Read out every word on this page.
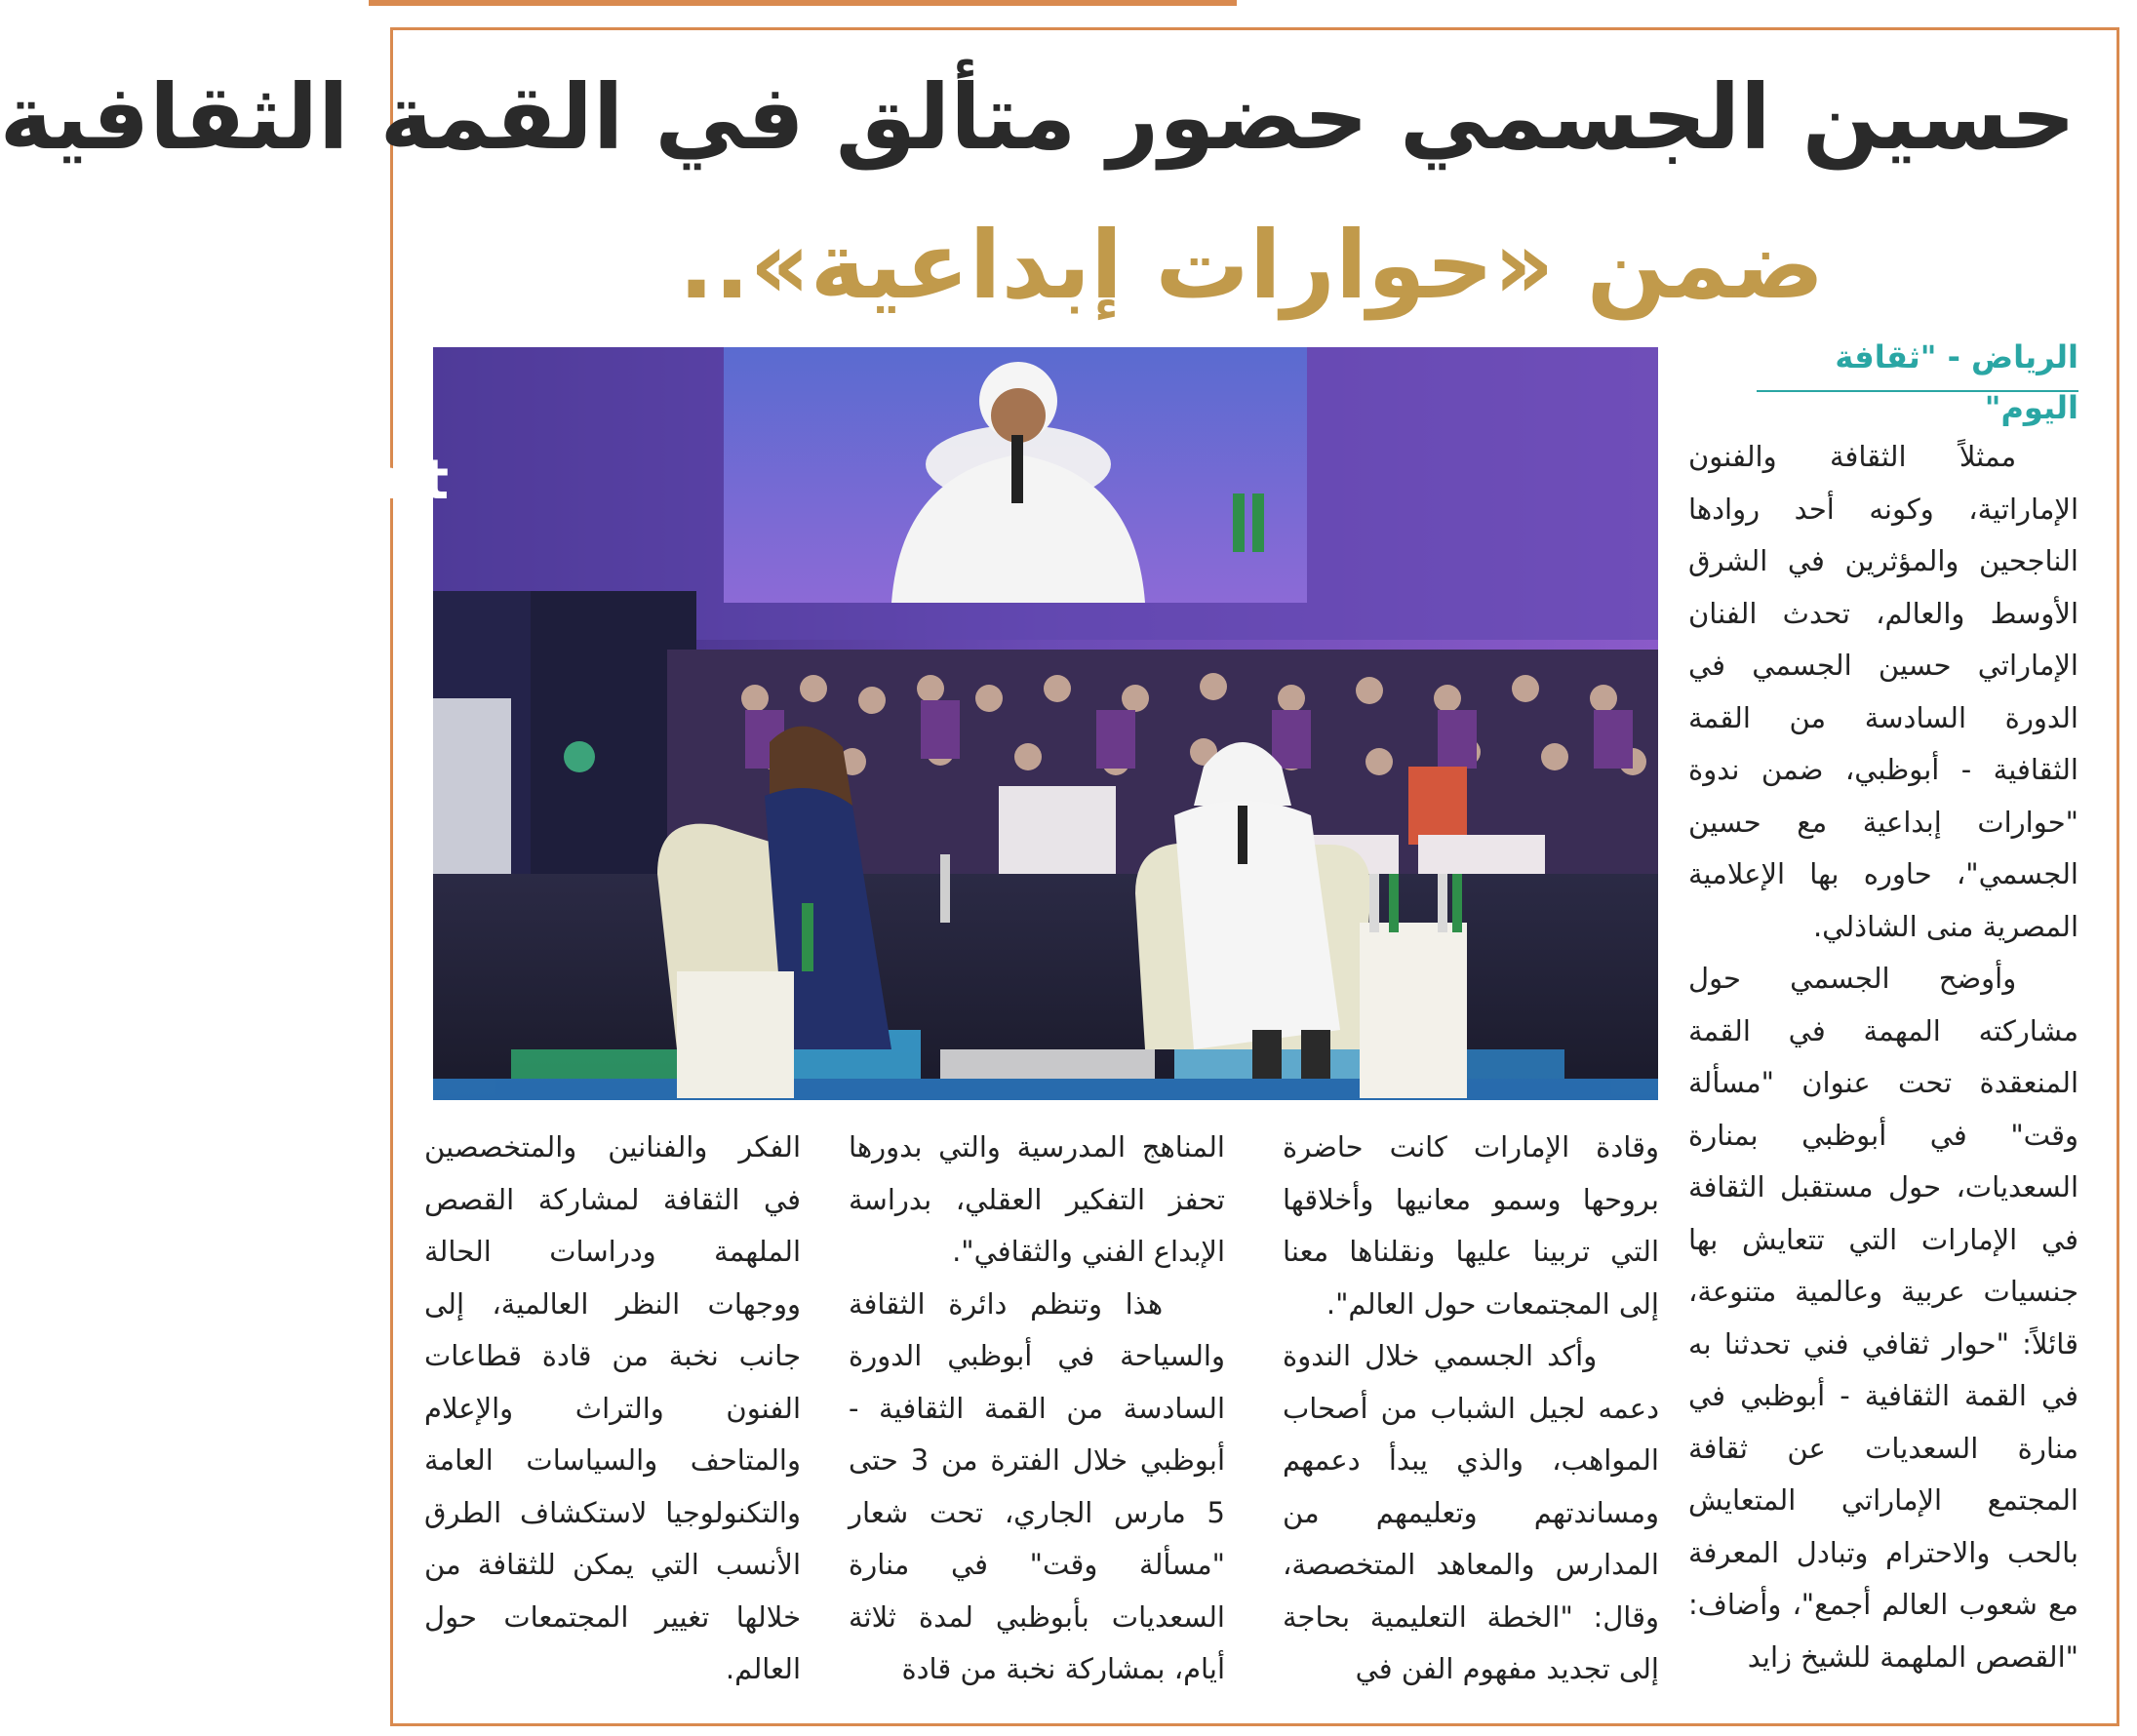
حسين الجسمي حضور متألق في القمة الثقافية
ضمن «حوارات إبداعية»..
nit
الرياض - "ثقافة اليوم"

ممثلاً الثقافة والفنون الإماراتية، وكونه أحد روادها الناجحين والمؤثرين في الشرق الأوسط والعالم، تحدث الفنان الإماراتي حسين الجسمي في الدورة السادسة من القمة الثقافية - أبوظبي، ضمن ندوة "حوارات إبداعية مع حسين الجسمي"، حاوره بها الإعلامية المصرية منى الشاذلي.

وأوضح الجسمي حول مشاركته المهمة في القمة المنعقدة تحت عنوان "مسألة وقت" في أبوظبي بمنارة السعديات، حول مستقبل الثقافة في الإمارات التي تتعايش بها جنسيات عربية وعالمية متنوعة، قائلاً: "حوار ثقافي فني تحدثنا به في القمة الثقافية - أبوظبي في منارة السعديات عن ثقافة المجتمع الإماراتي المتعايش بالحب والاحترام وتبادل المعرفة مع شعوب العالم أجمع"، وأضاف: "القصص الملهمة للشيخ زايد

وقادة الإمارات كانت حاضرة بروحها وسمو معانيها وأخلاقها التي تربينا عليها ونقلناها معنا إلى المجتمعات حول العالم".

وأكد الجسمي خلال الندوة دعمه لجيل الشباب من أصحاب المواهب، والذي يبدأ دعمهم ومساندتهم وتعليمهم من المدارس والمعاهد المتخصصة، وقال: "الخطة التعليمية بحاجة إلى تجديد مفهوم الفن في

المناهج المدرسية والتي بدورها تحفز التفكير العقلي، بدراسة الإبداع الفني والثقافي".

هذا وتنظم دائرة الثقافة والسياحة في أبوظبي الدورة السادسة من القمة الثقافية - أبوظبي خلال الفترة من 3 حتى 5 مارس الجاري، تحت شعار "مسألة وقت" في منارة السعديات بأبوظبي لمدة ثلاثة أيام، بمشاركة نخبة من قادة

الفكر والفنانين والمتخصصين في الثقافة لمشاركة القصص الملهمة ودراسات الحالة ووجهات النظر العالمية، إلى جانب نخبة من قادة قطاعات الفنون والتراث والإعلام والمتاحف والسياسات العامة والتكنولوجيا لاستكشاف الطرق الأنسب التي يمكن للثقافة من خلالها تغيير المجتمعات حول العالم.
